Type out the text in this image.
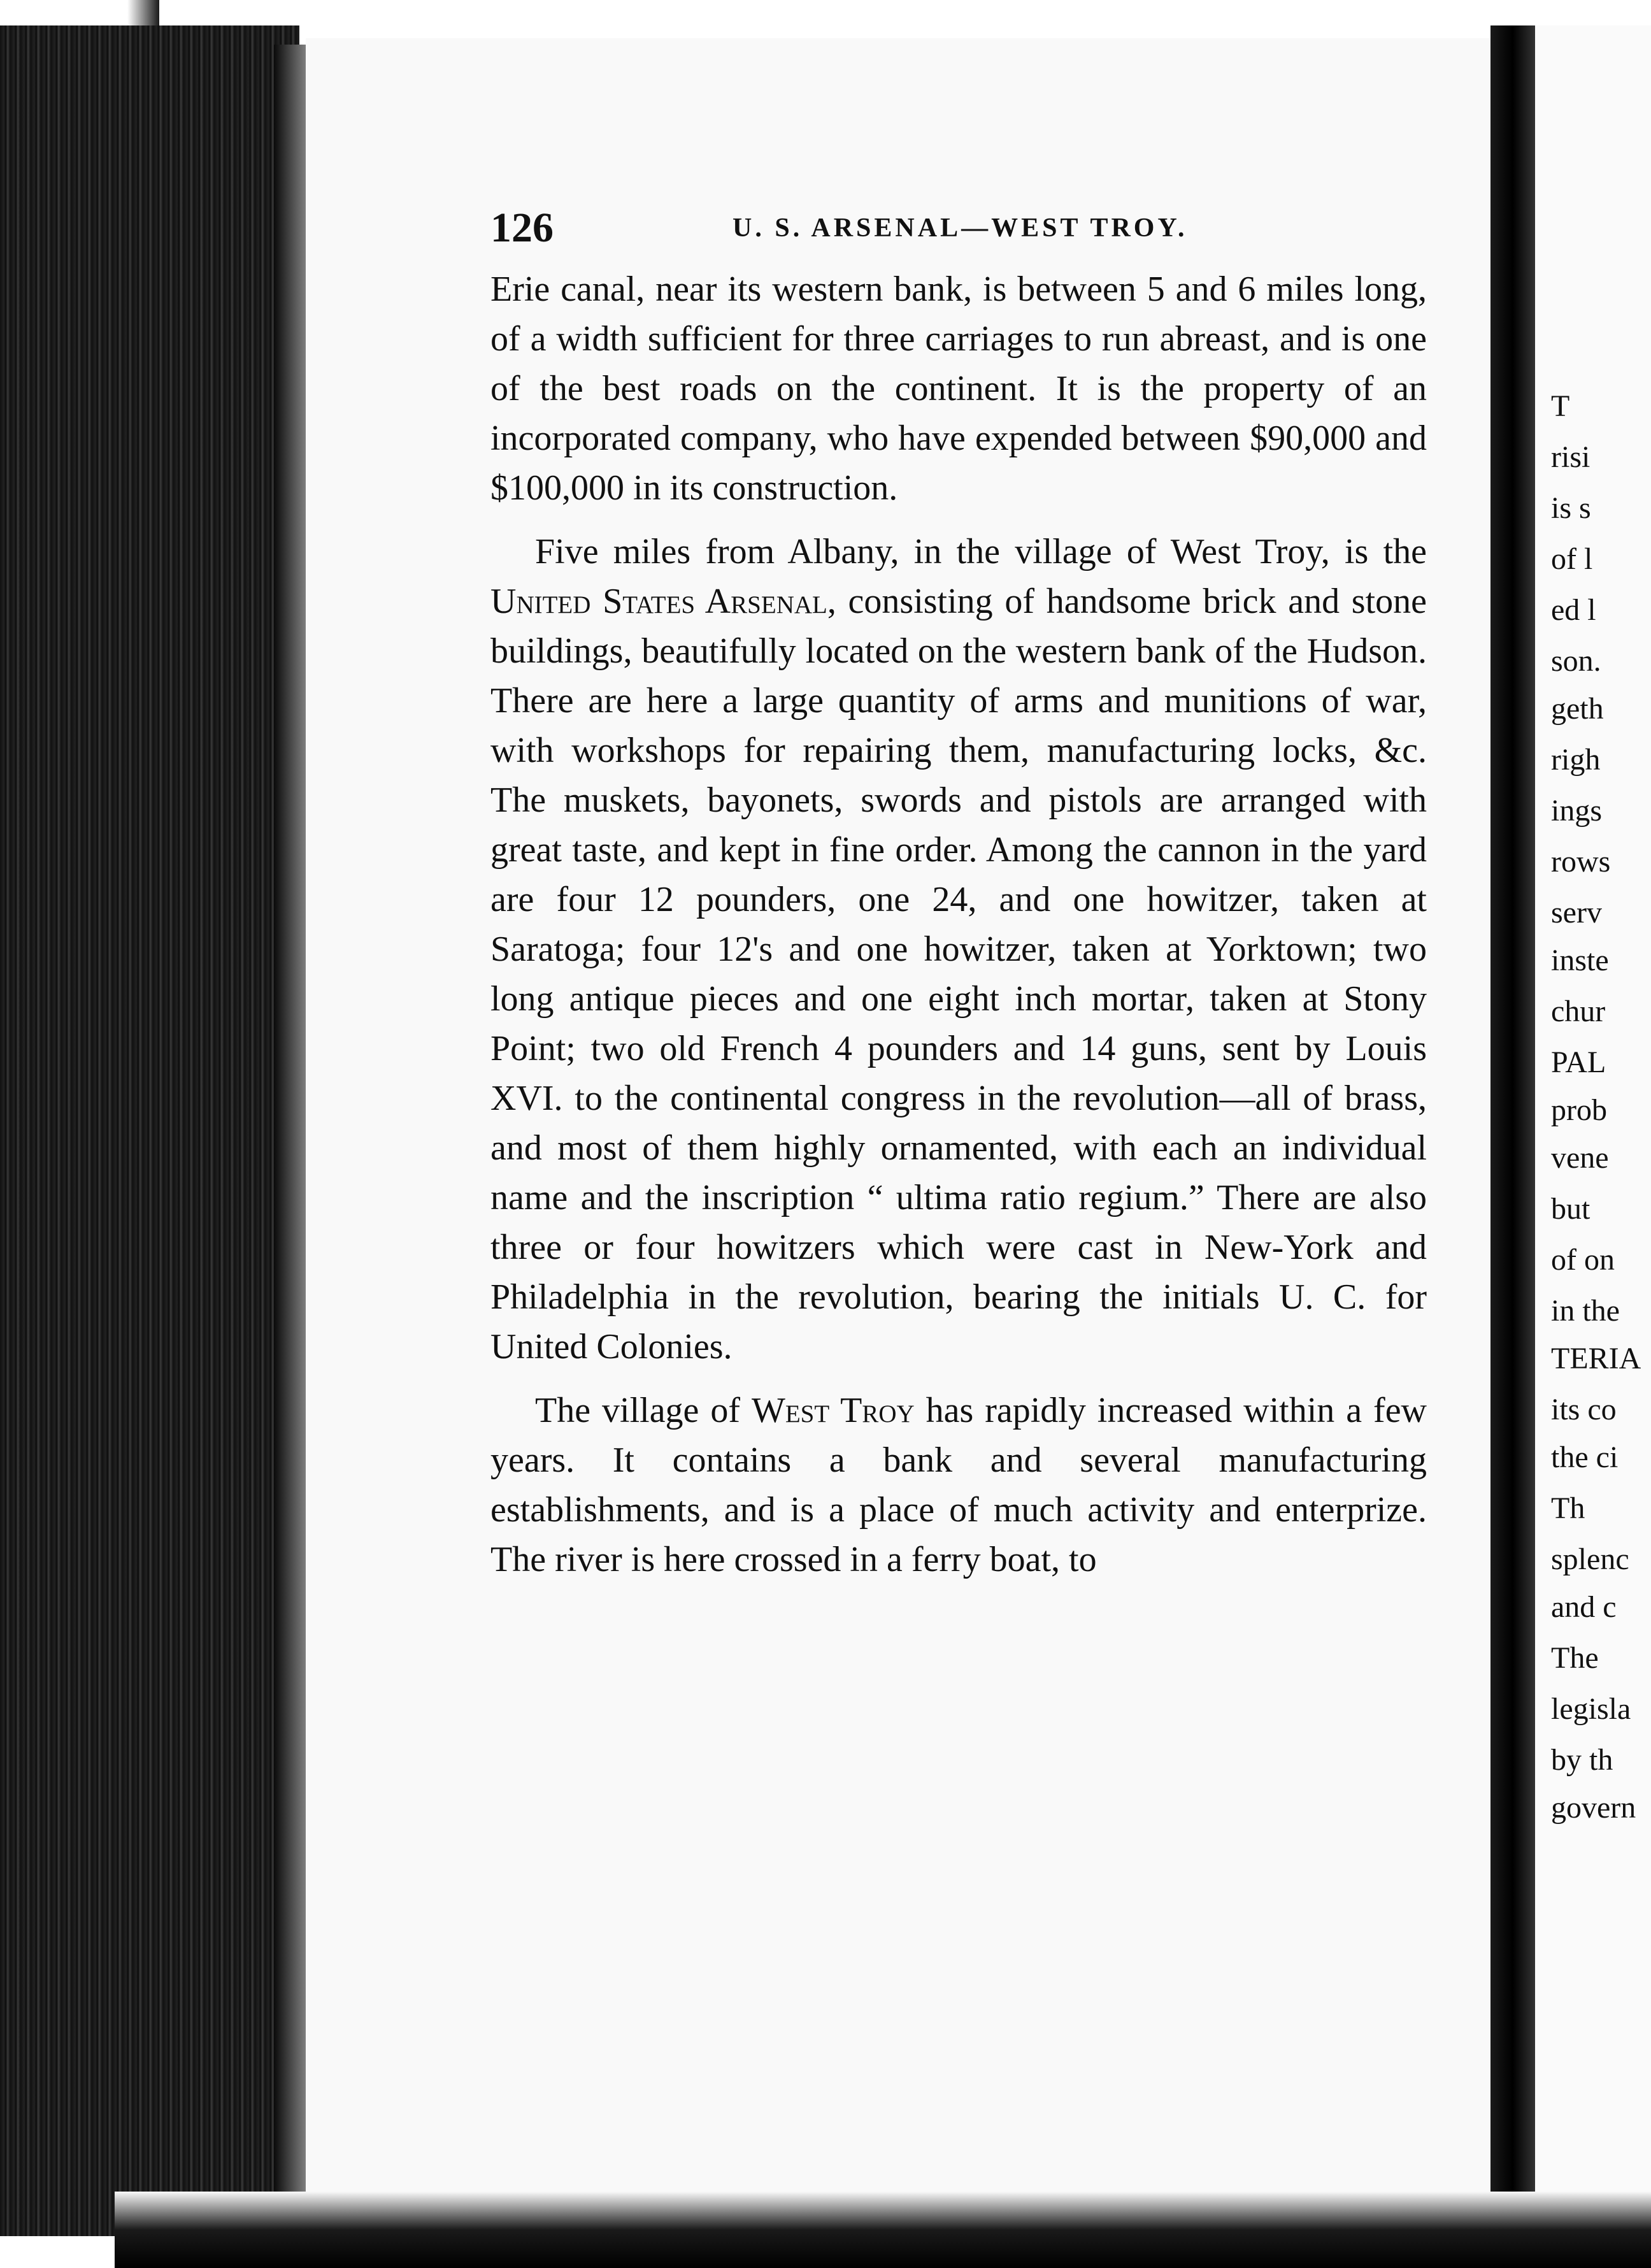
126	U. S. ARSENAL—WEST TROY.

Erie canal, near its western bank, is between 5 and 6 miles long, of a width sufficient for three carriages to run abreast, and is one of the best roads on the continent. It is the property of an incorporated company, who have expended between $90,000 and $100,000 in its construction.

Five miles from Albany, in the village of West Troy, is the United States Arsenal, consisting of handsome brick and stone buildings, beautifully located on the western bank of the Hudson. There are here a large quantity of arms and munitions of war, with workshops for repairing them, manufacturing locks, &c. The muskets, bayonets, swords and pistols are arranged with great taste, and kept in fine order. Among the cannon in the yard are four 12 pounders, one 24, and one howitzer, taken at Saratoga; four 12's and one howitzer, taken at Yorktown; two long antique pieces and one eight inch mortar, taken at Stony Point; two old French 4 pounders and 14 guns, sent by Louis XVI. to the continental congress in the revolution—all of brass, and most of them highly ornamented, with each an individual name and the inscription “ ultima ratio regium.” There are also three or four howitzers which were cast in New-York and Philadelphia in the revolution, bearing the initials U. C. for United Colonies.

The village of West Troy has rapidly increased within a few years. It contains a bank and several manufacturing establishments, and is a place of much activity and enterprize. The river is here crossed in a ferry boat, to

T
risi
is s
of l
ed l
son.
geth
righ
ings
rows
serv
inste
chur
PAL
prob
vene
but
of on
in the
TERIA
its co
the ci
Th
splenc
and c
The
legisla
by th
govern
